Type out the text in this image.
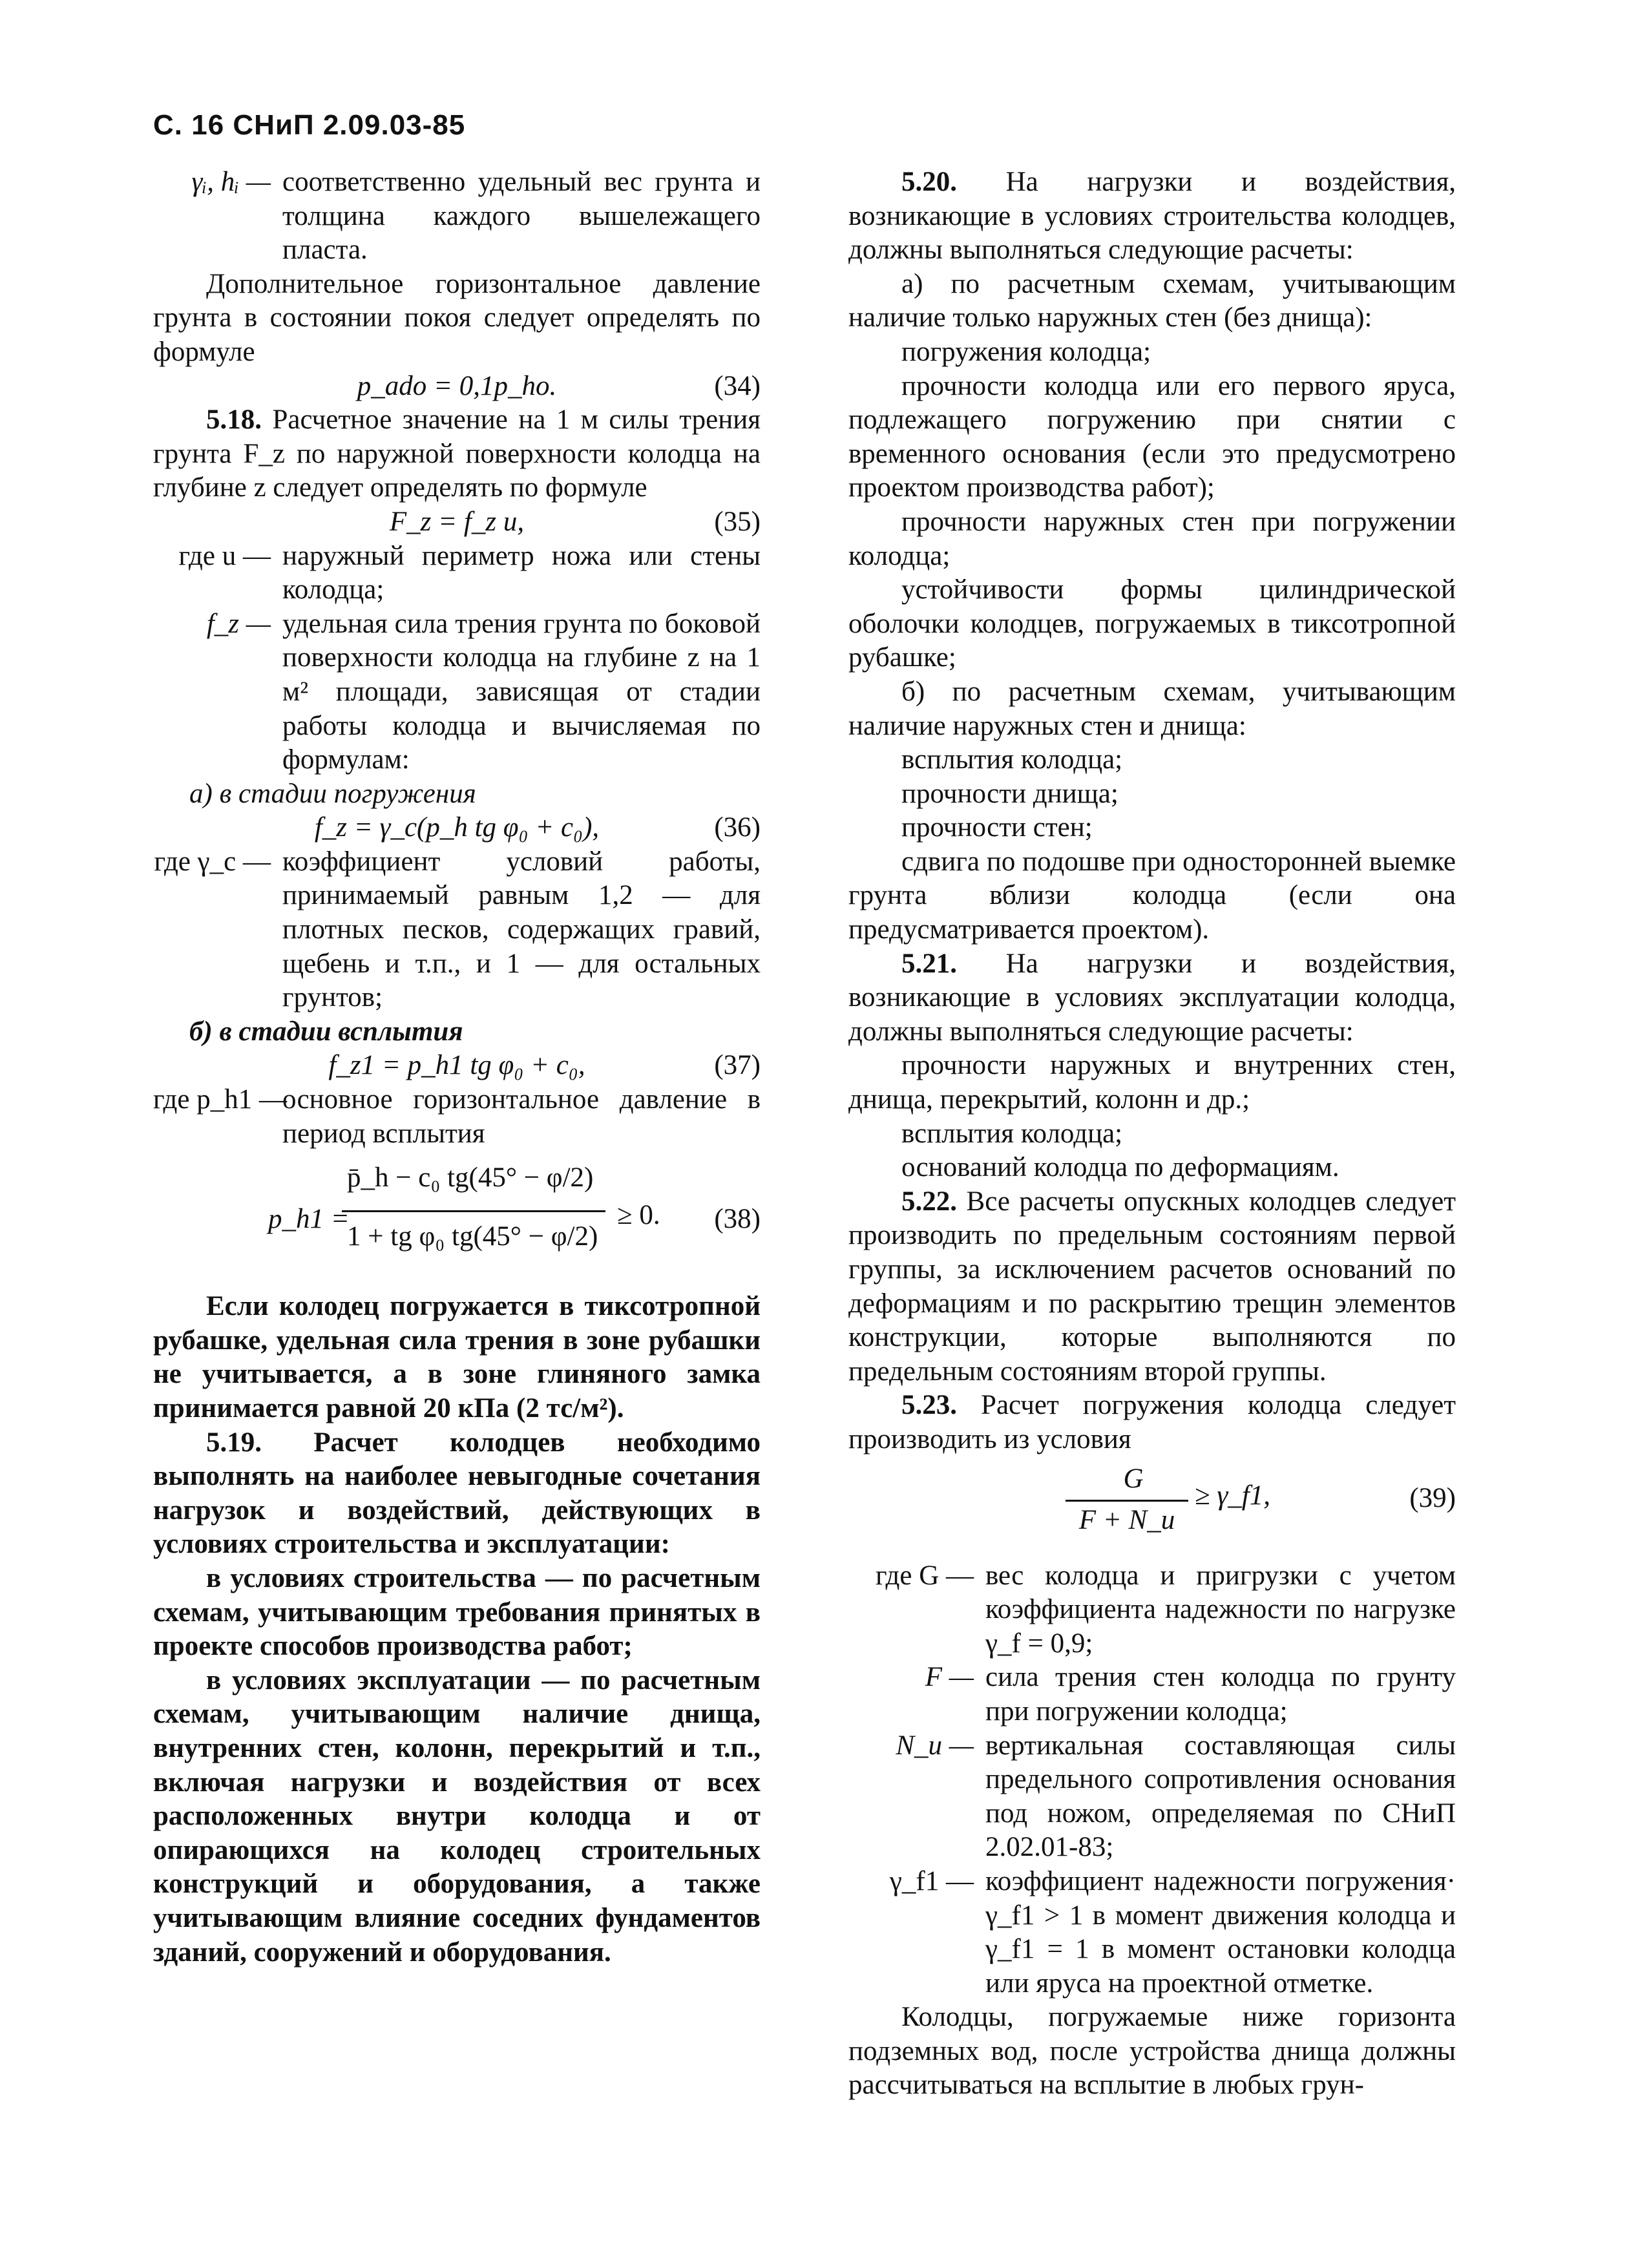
С. 16 СНиП 2.09.03-85
γᵢ, hᵢ — соответственно удельный вес грунта и толщина каждого вышележащего пласта.

Дополнительное горизонтальное давление грунта в состоянии покоя следует определять по формуле

p_ado = 0,1p_ho.	(34)

5.18. Расчетное значение на 1 м силы трения грунта F_z по наружной поверхности колодца на глубине z следует определять по формуле

F_z = f_z u,	(35)
где u — наружный периметр ножа или стены колодца;
f_z — удельная сила трения грунта по боковой поверхности колодца на глубине z на 1 м² площади, зависящая от стадии работы колодца и вычисляемая по формулам:

а) в стадии погружения

f_z = γ_c(p_h tg φ₀ + c₀),	(36)
где γ_c — коэффициент условий работы, принимаемый равным 1,2 — для плотных песков, содержащих гравий, щебень и т.п., и 1 — для остальных грунтов;

б) в стадии всплытия

f_z1 = p_h1 tg φ₀ + c₀,	(37)
где p_h1 —
основное горизонтальное давление в период всплытия
p_h1 =
p̄_h − c₀ tg(45° − φ/2)
1 + tg φ₀ tg(45° − φ/2)
≥ 0. (38)

Если колодец погружается в тиксотропной рубашке, удельная сила трения в зоне рубашки не учитывается, а в зоне глиняного замка принимается равной 20 кПа (2 тс/м²).

5.19. Расчет колодцев необходимо выполнять на наиболее невыгодные сочетания нагрузок и воздействий, действующих в условиях строительства и эксплуатации:

в условиях строительства — по расчетным схемам, учитывающим требования принятых в проекте способов производства работ;

в условиях эксплуатации — по расчетным схемам, учитывающим наличие днища, внутренних стен, колонн, перекрытий и т.п., включая нагрузки и воздействия от всех расположенных внутри колодца и от опирающихся на колодец строительных конструкций и оборудования, а также учитывающим влияние соседних фундаментов зданий, сооружений и оборудования.

5.20. На нагрузки и воздействия, возникающие в условиях строительства колодцев, должны выполняться следующие расчеты:

а) по расчетным схемам, учитывающим наличие только наружных стен (без днища):

погружения колодца;

прочности колодца или его первого яруса, подлежащего погружению при снятии с временного основания (если это предусмотрено проектом производства работ);

прочности наружных стен при погружении колодца;

устойчивости формы цилиндрической оболочки колодцев, погружаемых в тиксотропной рубашке;

б) по расчетным схемам, учитывающим наличие наружных стен и днища:

всплытия колодца;

прочности днища;

прочности стен;

сдвига по подошве при односторонней выемке грунта вблизи колодца (если она предусматривается проектом).

5.21. На нагрузки и воздействия, возникающие в условиях эксплуатации колодца, должны выполняться следующие расчеты:

прочности наружных и внутренних стен, днища, перекрытий, колонн и др.;

всплытия колодца;

оснований колодца по деформациям.

5.22. Все расчеты опускных колодцев следует производить по предельным состояниям первой группы, за исключением расчетов оснований по деформациям и по раскрытию трещин элементов конструкции, которые выполняются по предельным состояниям второй группы.

5.23. Расчет погружения колодца следует производить из условия

G
F + N_u
≥ γ_f1,	(39)
где G — вес колодца и пригрузки с учетом коэффициента надежности по нагрузке γ_f = 0,9;
F — сила трения стен колодца по грунту при погружении колодца;
N_u — вертикальная составляющая силы предельного сопротивления основания под ножом, определяемая по СНиП 2.02.01-83;
γ_f1 — коэффициент надежности погружения· γ_f1 > 1 в момент движения колодца и γ_f1 = 1 в момент остановки колодца или яруса на проектной отметке.

Колодцы, погружаемые ниже горизонта подземных вод, после устройства днища должны рассчитываться на всплытие в любых грун-
